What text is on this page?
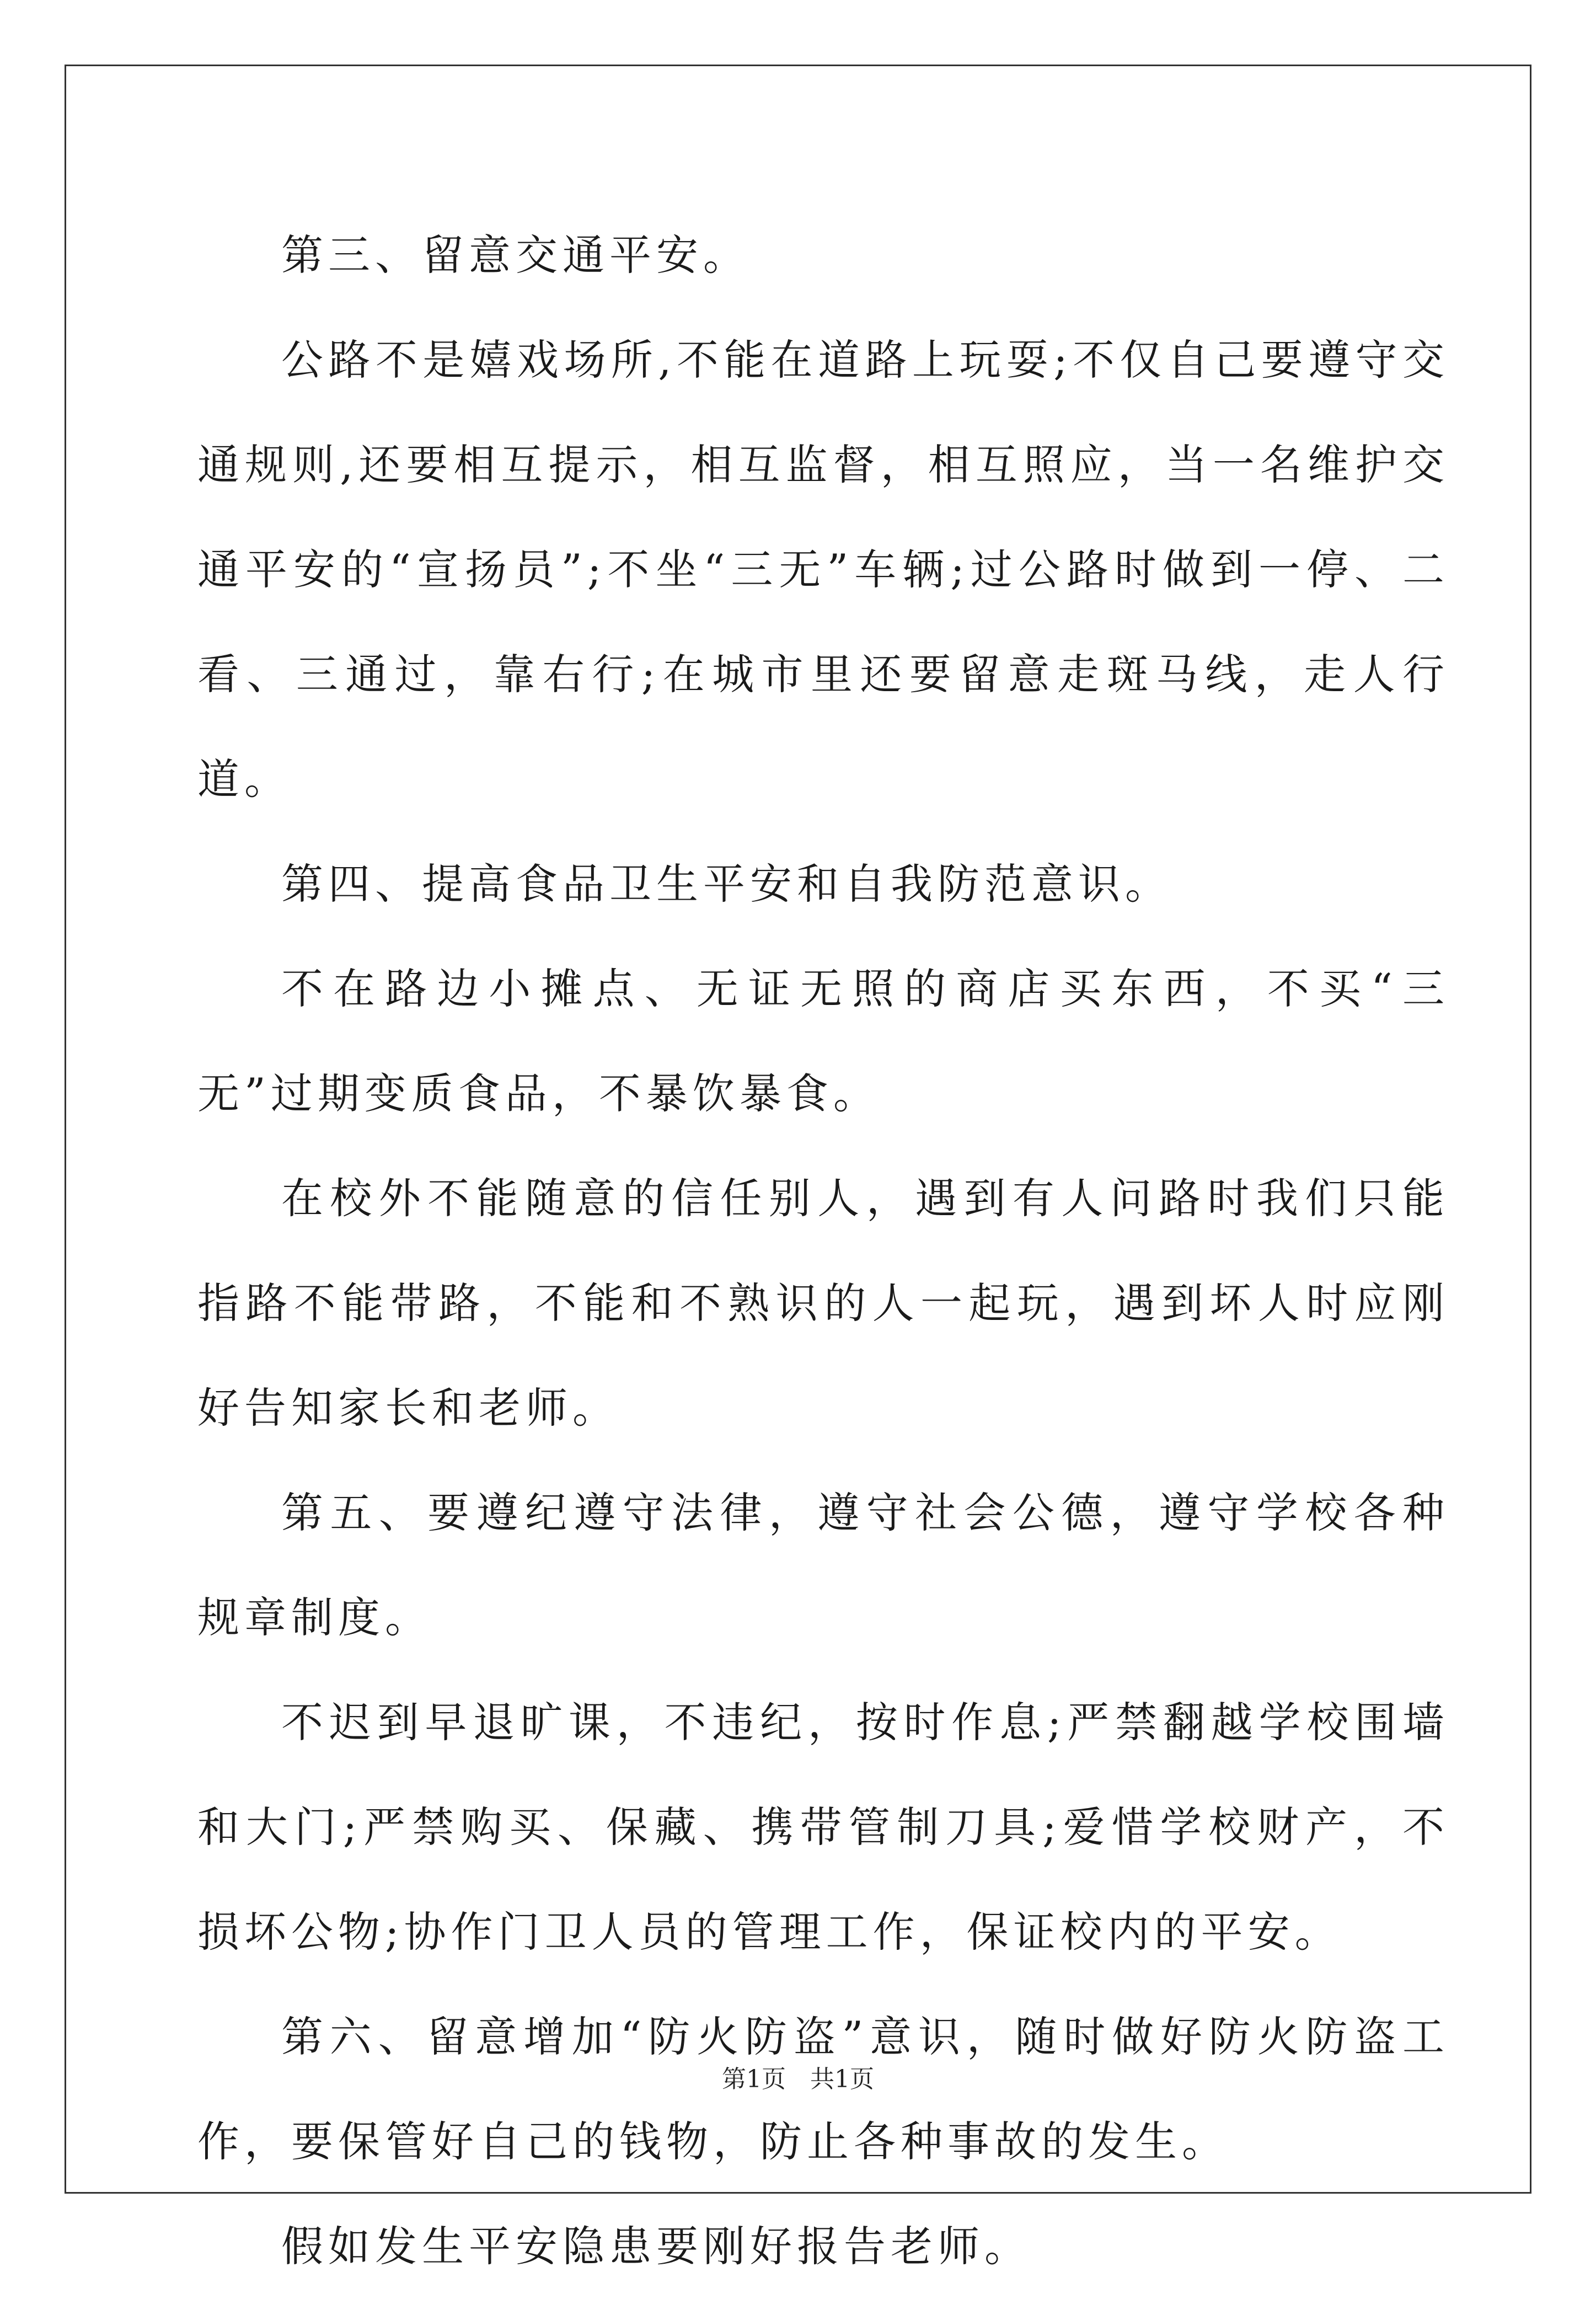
第三、留意交通平安。

公路不是嬉戏场所,不能在道路上玩耍;不仅自己要遵守交通规则,还要相互提示，相互监督，相互照应，当一名维护交通平安的“宣扬员”;不坐“三无”车辆;过公路时做到一停、二看、三通过，靠右行;在城市里还要留意走斑马线，走人行道。

第四、提高食品卫生平安和自我防范意识。

不在路边小摊点、无证无照的商店买东西，不买“三无”过期变质食品，不暴饮暴食。

在校外不能随意的信任别人，遇到有人问路时我们只能指路不能带路，不能和不熟识的人一起玩，遇到坏人时应刚好告知家长和老师。

第五、要遵纪遵守法律，遵守社会公德，遵守学校各种规章制度。

不迟到早退旷课，不违纪，按时作息;严禁翻越学校围墙和大门;严禁购买、保藏、携带管制刀具;爱惜学校财产，不损坏公物;协作门卫人员的管理工作，保证校内的平安。

第六、留意增加“防火防盗”意识，随时做好防火防盗工作，要保管好自己的钱物，防止各种事故的发生。

假如发生平安隐患要刚好报告老师。

第1页　共1页
